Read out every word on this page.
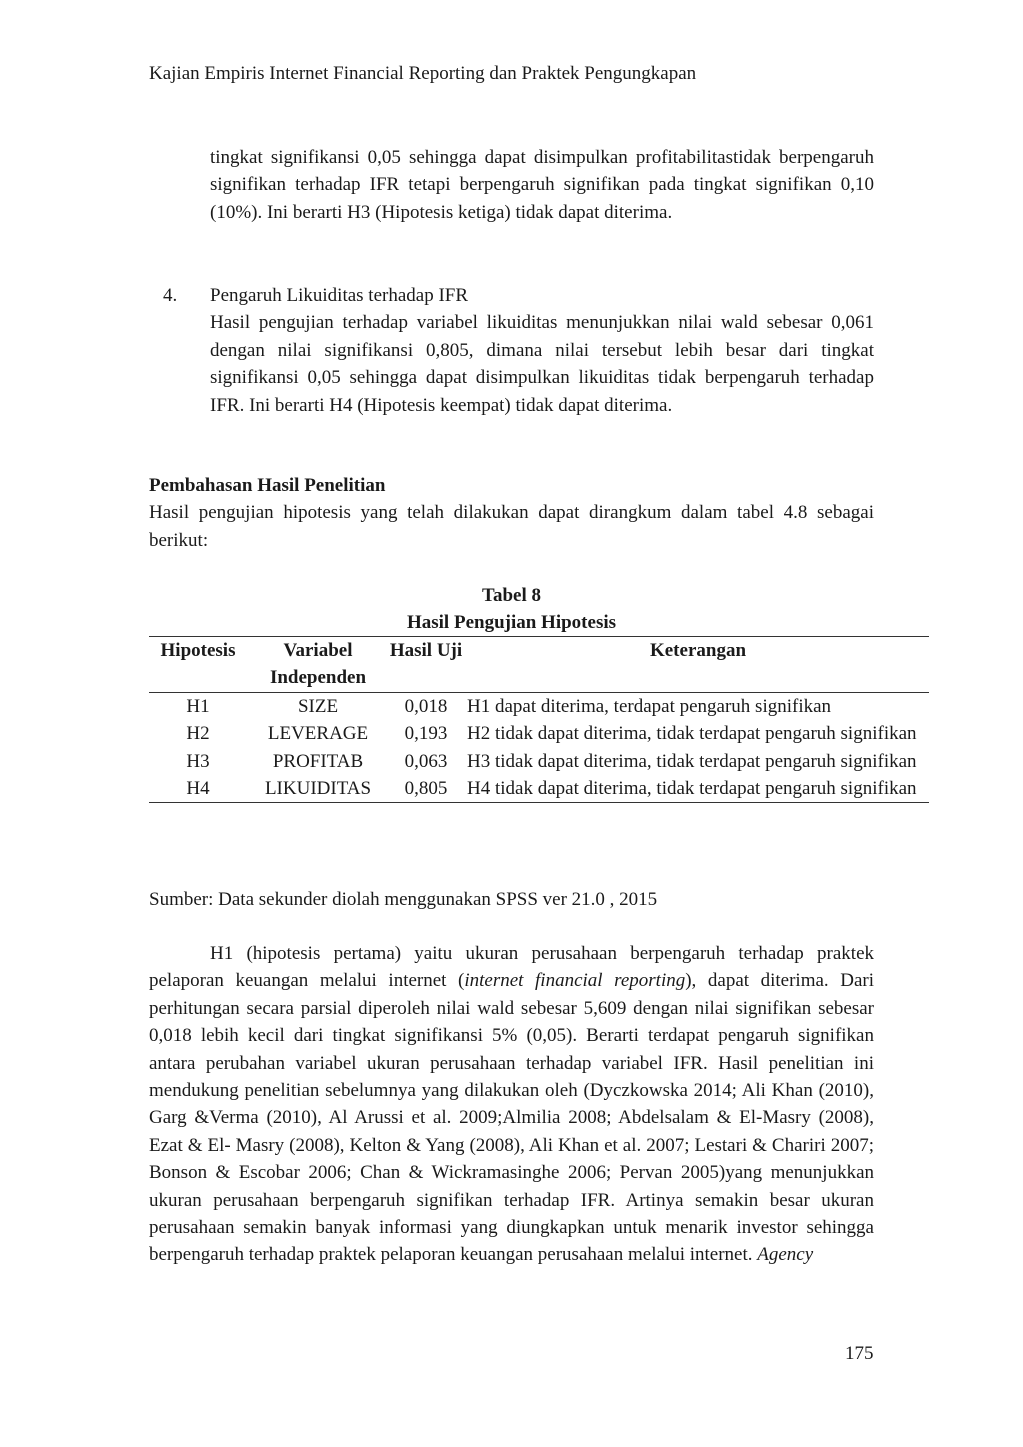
Kajian Empiris Internet Financial Reporting dan Praktek Pengungkapan

tingkat signifikansi 0,05 sehingga dapat disimpulkan profitabilitastidak berpengaruh signifikan terhadap IFR tetapi berpengaruh signifikan pada tingkat signifikan 0,10 (10%). Ini berarti H3 (Hipotesis ketiga) tidak dapat diterima.

4. Pengaruh Likuiditas terhadap IFR

Hasil pengujian terhadap variabel likuiditas menunjukkan nilai wald sebesar 0,061 dengan nilai signifikansi 0,805, dimana nilai tersebut lebih besar dari tingkat signifikansi 0,05 sehingga dapat disimpulkan likuiditas tidak berpengaruh terhadap IFR. Ini berarti H4 (Hipotesis keempat) tidak dapat diterima.

Pembahasan Hasil Penelitian

Hasil pengujian hipotesis yang telah dilakukan dapat dirangkum dalam tabel 4.8 sebagai berikut:

Tabel 8
Hasil Pengujian Hipotesis
Hipotesis	Variabel Independen	Hasil Uji	Keterangan
H1	SIZE	0,018	H1 dapat diterima, terdapat pengaruh signifikan
H2	LEVERAGE	0,193	H2 tidak dapat diterima, tidak terdapat pengaruh signifikan
H3	PROFITAB	0,063	H3 tidak dapat diterima, tidak terdapat pengaruh signifikan
H4	LIKUIDITAS	0,805	H4 tidak dapat diterima, tidak terdapat pengaruh signifikan
Sumber: Data sekunder diolah menggunakan SPSS ver 21.0 , 2015

H1 (hipotesis pertama) yaitu ukuran perusahaan berpengaruh terhadap praktek pelaporan keuangan melalui internet (internet financial reporting), dapat diterima. Dari perhitungan secara parsial diperoleh nilai wald sebesar 5,609 dengan nilai signifikan sebesar 0,018 lebih kecil dari tingkat signifikansi 5% (0,05). Berarti terdapat pengaruh signifikan antara perubahan variabel ukuran perusahaan terhadap variabel IFR. Hasil penelitian ini mendukung penelitian sebelumnya yang dilakukan oleh (Dyczkowska 2014; Ali Khan (2010), Garg &Verma (2010), Al Arussi et al. 2009;Almilia 2008; Abdelsalam & El-Masry (2008), Ezat & El- Masry (2008), Kelton & Yang (2008), Ali Khan et al. 2007; Lestari & Chariri 2007; Bonson & Escobar 2006; Chan & Wickramasinghe 2006; Pervan 2005)yang menunjukkan ukuran perusahaan berpengaruh signifikan terhadap IFR. Artinya semakin besar ukuran perusahaan semakin banyak informasi yang diungkapkan untuk menarik investor sehingga berpengaruh terhadap praktek pelaporan keuangan perusahaan melalui internet. Agency

175
